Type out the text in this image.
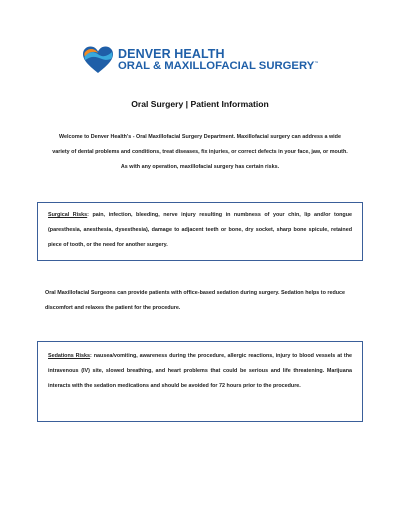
DENVER HEALTH
ORAL & MAXILLOFACIAL SURGERY™
Oral Surgery | Patient Information
Welcome to Denver Health's - Oral Maxillofacial Surgery Department. Maxillofacial surgery can address a wide variety of dental problems and conditions, treat diseases, fix injuries, or correct defects in your face, jaw, or mouth. As with any operation, maxillofacial surgery has certain risks.
Surgical Risks: pain, infection, bleeding, nerve injury resulting in numbness of your chin, lip and/or tongue (paresthesia, anesthesia, dysesthesia), damage to adjacent teeth or bone, dry socket, sharp bone spicule, retained piece of tooth, or the need for another surgery.
Oral Maxillofacial Surgeons can provide patients with office-based sedation during surgery. Sedation helps to reduce discomfort and relaxes the patient for the procedure.
Sedations Risks: nausea/vomiting, awareness during the procedure, allergic reactions, injury to blood vessels at the intravenous (IV) site, slowed breathing, and heart problems that could be serious and life threatening. Marijuana interacts with the sedation medications and should be avoided for 72 hours prior to the procedure.
